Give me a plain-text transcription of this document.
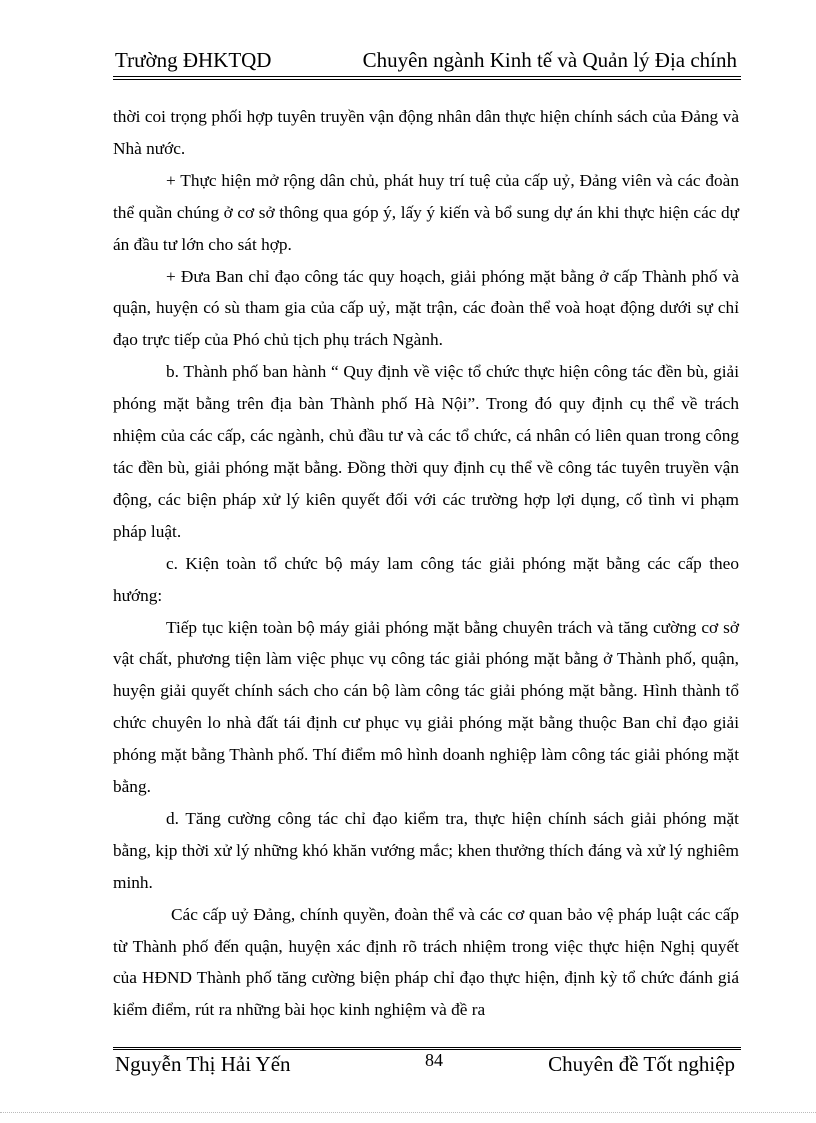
Trường ĐHKTQD	Chuyên ngành Kinh tế và Quản lý Địa chính

thời coi trọng phối hợp tuyên truyền vận động nhân dân thực hiện chính sách của Đảng và Nhà nước.

+ Thực hiện mở rộng dân chủ, phát huy trí tuệ của cấp uỷ, Đảng viên và các đoàn thể quần chúng ở cơ sở thông qua góp ý, lấy ý kiến và bổ sung dự án khi thực hiện các dự án đầu tư lớn cho sát hợp.

+ Đưa Ban chỉ đạo công tác quy hoạch, giải phóng mặt bằng ở cấp Thành phố và quận, huyện có sù tham gia của cấp uỷ, mặt trận, các đoàn thể voà hoạt động dưới sự chỉ đạo trực tiếp của Phó chủ tịch phụ trách Ngành.

b. Thành phố ban hành “ Quy định về việc tổ chức thực hiện công tác đền bù, giải phóng mặt bằng trên địa bàn Thành phố Hà Nội”. Trong đó quy định cụ thể về trách nhiệm của các cấp, các ngành, chủ đầu tư và các tổ chức, cá nhân có liên quan trong công tác đền bù, giải phóng mặt bằng. Đồng thời quy định cụ thể về công tác tuyên truyền vận động, các biện pháp xử lý kiên quyết đối với các trường hợp lợi dụng, cố tình vi phạm pháp luật.

c. Kiện toàn tổ chức bộ máy lam công tác giải phóng mặt bằng các cấp theo hướng:

Tiếp tục kiện toàn bộ máy giải phóng mặt bằng chuyên trách và tăng cường cơ sở vật chất, phương tiện làm việc phục vụ công tác giải phóng mặt bằng ở Thành phố, quận, huyện giải quyết chính sách cho cán bộ làm công tác giải phóng mặt bằng. Hình thành tổ chức chuyên lo nhà đất tái định cư phục vụ giải phóng mặt bằng thuộc Ban chỉ đạo giải phóng mặt bằng Thành phố. Thí điểm mô hình doanh nghiệp làm công tác giải phóng mặt bằng.

d. Tăng cường công tác chỉ đạo kiểm tra, thực hiện chính sách giải phóng mặt bằng, kịp thời xử lý những khó khăn vướng mắc; khen thưởng thích đáng và xử lý nghiêm minh.

Các cấp uỷ Đảng, chính quyền, đoàn thể và các cơ quan bảo vệ pháp luật các cấp từ Thành phố đến quận, huyện xác định rõ trách nhiệm trong việc thực hiện Nghị quyết của HĐND Thành phố tăng cường biện pháp chỉ đạo thực hiện, định kỳ tổ chức đánh giá kiểm điểm, rút ra những bài học kinh nghiệm và đề ra

Nguyễn Thị Hải Yến	84	Chuyên đề Tốt nghiệp
